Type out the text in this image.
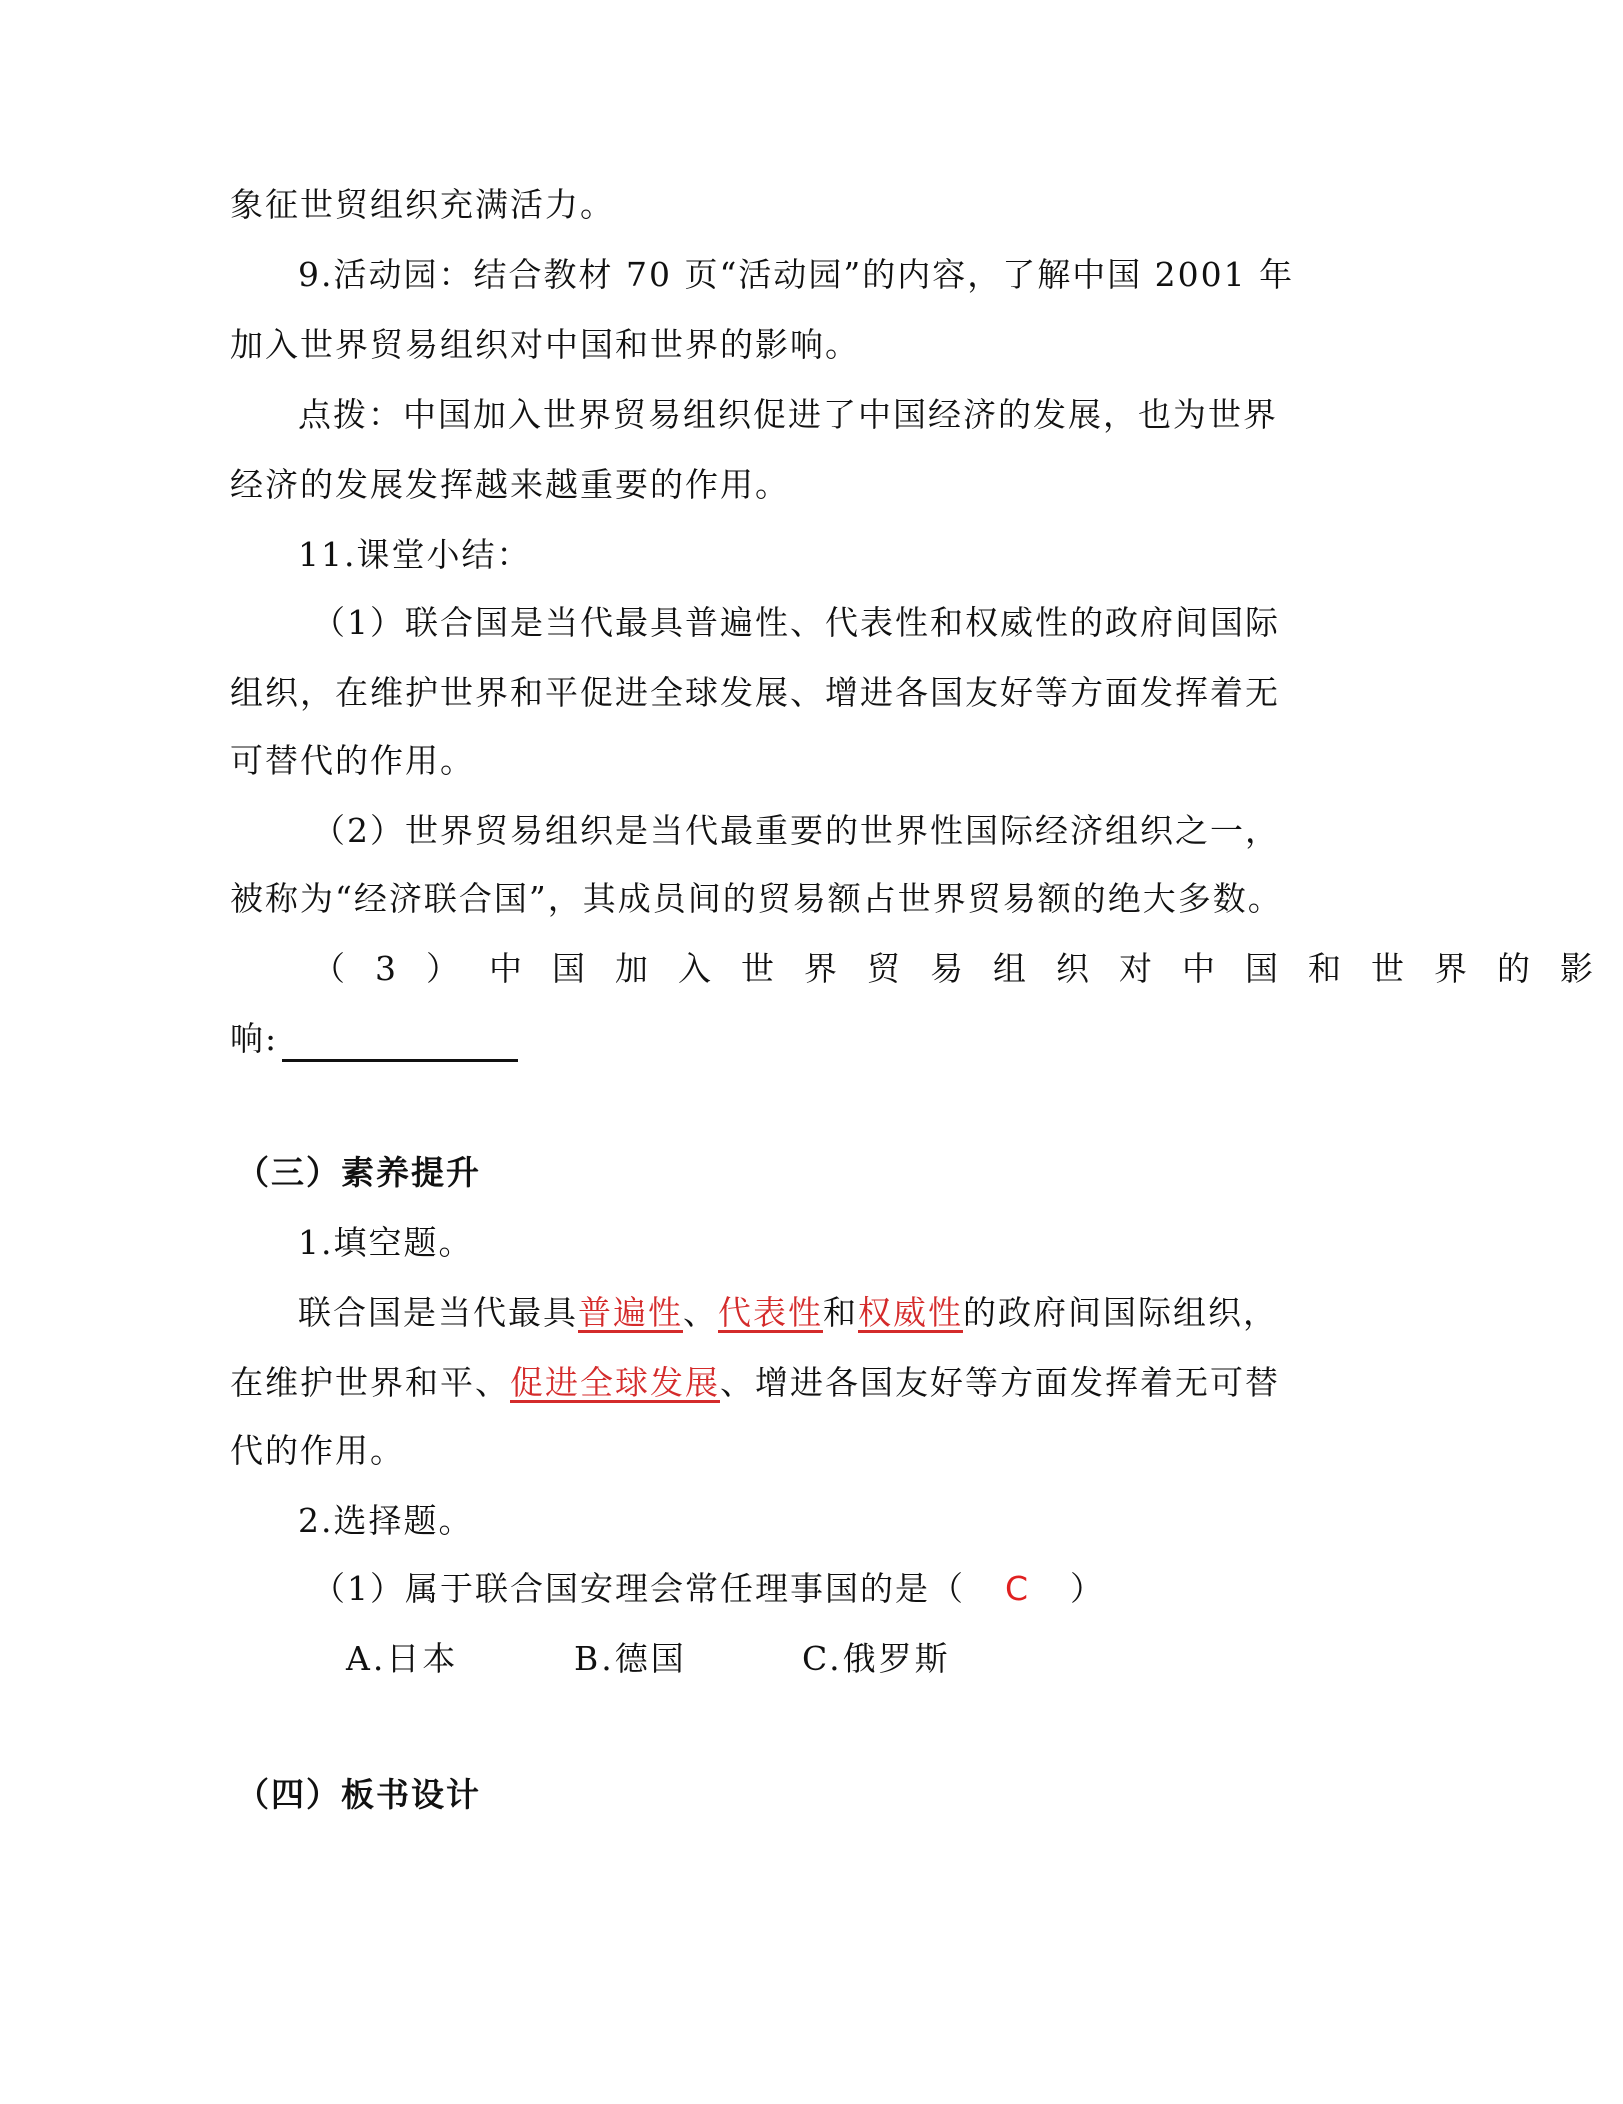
象征世贸组织充满活力。
9.活动园：结合教材 70 页“活动园”的内容，了解中国 2001 年
加入世界贸易组织对中国和世界的影响。
点拨：中国加入世界贸易组织促进了中国经济的发展，也为世界
经济的发展发挥越来越重要的作用。
11.课堂小结：
（1）联合国是当代最具普遍性、代表性和权威性的政府间国际
组织，在维护世界和平促进全球发展、增进各国友好等方面发挥着无
可替代的作用。
（2）世界贸易组织是当代最重要的世界性国际经济组织之一，
被称为“经济联合国”，其成员间的贸易额占世界贸易额的绝大多数。
（3）中国加入世界贸易组织对中国和世界的影
响:
（三）素养提升
1.填空题。
联合国是当代最具普遍性、代表性和权威性的政府间国际组织，
在维护世界和平、促进全球发展、增进各国友好等方面发挥着无可替
代的作用。
2.选择题。
（1）属于联合国安理会常任理事国的是（ C ）
A.日本	B.德国	C.俄罗斯
（四）板书设计
